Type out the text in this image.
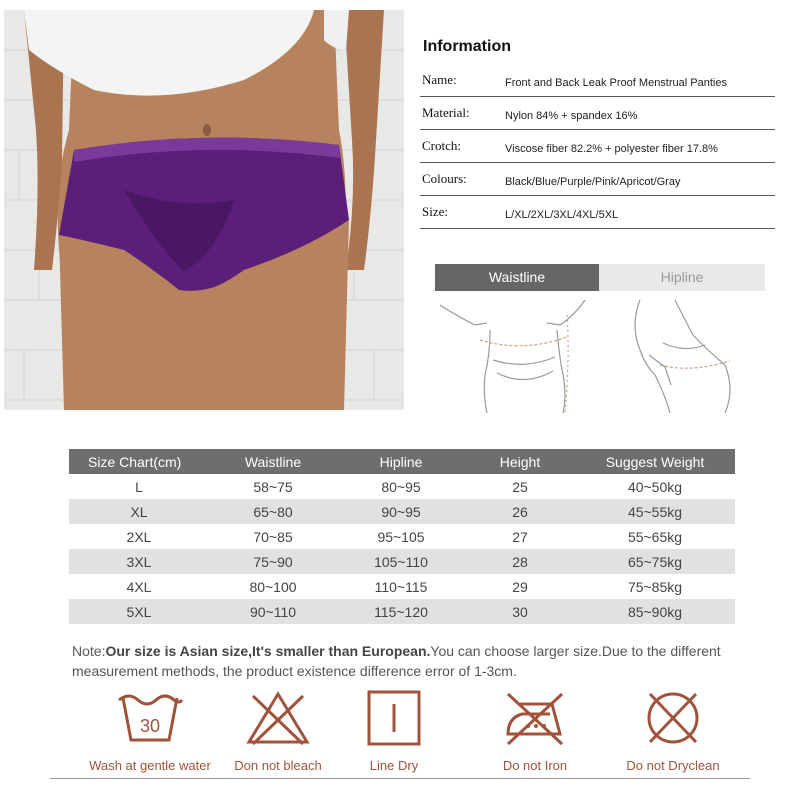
Information
Name:	Front and Back Leak Proof Menstrual Panties
Material:	Nylon 84% + spandex 16%
Crotch:	Viscose fiber 82.2% + polyester fiber 17.8%
Colours:	Black/Blue/Purple/Pink/Apricot/Gray
Size:	L/XL/2XL/3XL/4XL/5XL
Waistline	Hipline
Size Chart(cm)	Waistline	Hipline	Height	Suggest Weight
L	58~75	80~95	25	40~50kg
XL	65~80	90~95	26	45~55kg
2XL	70~85	95~105	27	55~65kg
3XL	75~90	105~110	28	65~75kg
4XL	80~100	110~115	29	75~85kg
5XL	90~110	115~120	30	85~90kg
Note:Our size is Asian size,It's smaller than European.You can choose larger size.Due to the different measurement methods, the product existence difference error of 1-3cm.
30
Wash at gentle water	Don not bleach	Line Dry	Do not Iron	Do not Dryclean
